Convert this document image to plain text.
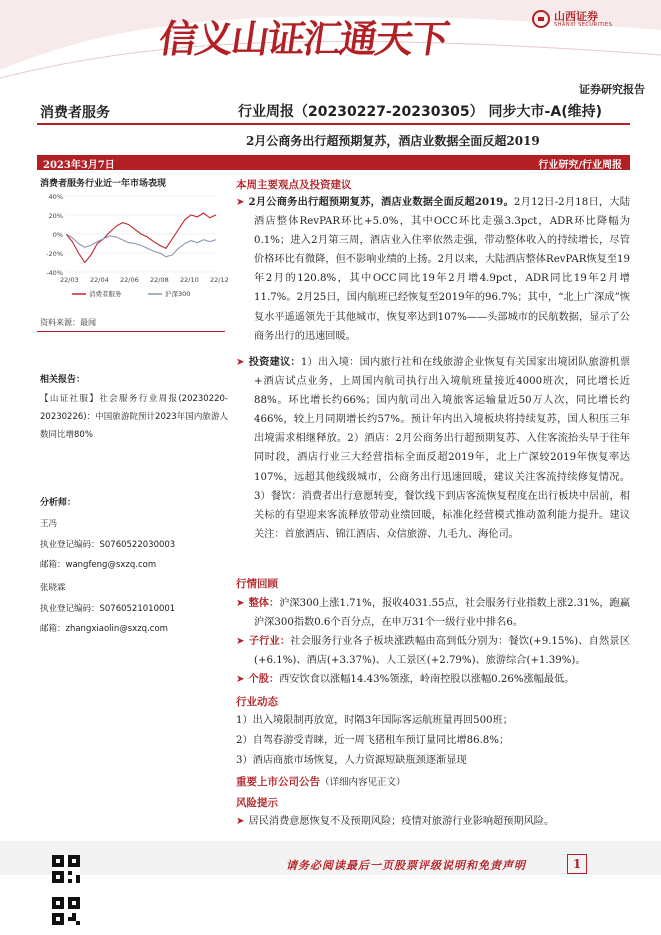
信义山证汇通天下
山西证券
SHANXI SECURITIES
证券研究报告
消费者服务	行业周报（20230227-20230305） 同步大市-A(维持)
2月公商务出行超预期复苏，酒店业数据全面反超2019
2023年3月7日	行业研究/行业周报
消费者服务行业近一年市场表现
40%
20%
0%
-20%
-40%
22/03 22/04 22/06 22/08 22/10 22/12
消费者服务	沪深300
资料来源：最闻
相关报告：
【山证社服】社会服务行业周报(20230220-20230226)：中国旅游院预计2023年国内旅游人数同比增80%
分析师：
王冯
执业登记编码：S0760522030003
邮箱：wangfeng@sxzq.com
张晓霖
执业登记编码：S0760521010001
邮箱：zhangxiaolin@sxzq.com
本周主要观点及投资建议
➤ 2月公商务出行超预期复苏，酒店业数据全面反超2019。2月12日-2月18日，大陆酒店整体RevPAR环比+5.0%，其中OCC环比走强3.3pct，ADR环比降幅为0.1%；进入2月第三周，酒店业入住率依然走强，带动整体收入的持续增长，尽管价格环比有微降，但不影响业绩的上扬。2月以来，大陆酒店整体RevPAR恢复至19年2月的120.8%，其中OCC同比19年2月增4.9pct，ADR同比19年2月增11.7%。2月25日，国内航班已经恢复至2019年的96.7%；其中，“北上广深成”恢复水平遥遥领先于其他城市，恢复率达到107%——头部城市的民航数据，显示了公商务出行的迅速回暖。
➤ 投资建议：1）出入境：国内旅行社和在线旅游企业恢复有关国家出境团队旅游机票+酒店试点业务，上周国内航司执行出入境航班量接近4000班次，同比增长近88%。环比增长约66%；国内航司出入境旅客运输量近50万人次，同比增长约466%，较上月同期增长约57%。预计年内出入境板块将持续复苏，国人积压三年出境需求相继释放。2）酒店：2月公商务出行超预期复苏、入住客流抬头早于往年同时段，酒店行业三大经营指标全面反超2019年，北上广深较2019年恢复率达107%，远超其他线级城市，公商务出行迅速回暖，建议关注客流持续修复情况。3）餐饮：消费者出行意愿转变，餐饮线下到店客流恢复程度在出行板块中居前，相关标的有望迎来客流释放带动业绩回暖，标准化经营模式推动盈利能力提升。建议关注：首旅酒店、锦江酒店、众信旅游、九毛九、海伦司。
行情回顾
➤ 整体：沪深300上涨1.71%，报收4031.55点，社会服务行业指数上涨2.31%，跑赢沪深300指数0.6个百分点，在申万31个一级行业中排名6。
➤ 子行业：社会服务行业各子板块涨跌幅由高到低分别为：餐饮(+9.15%)、自然景区(+6.1%)、酒店(+3.37%)、人工景区(+2.79%)、旅游综合(+1.39%)。
➤ 个股：西安饮食以涨幅14.43%领涨，岭南控股以涨幅0.26%涨幅最低。
行业动态
1）出入境限制再放宽，时隔3年国际客运航班量再回500班；
2）自驾春游受青睐，近一周飞猪租车预订量同比增86.8%；
3）酒店商旅市场恢复，人力资源短缺瓶颈逐渐显现
重要上市公司公告（详细内容见正文）
风险提示
➤ 居民消费意愿恢复不及预期风险；疫情对旅游行业影响超预期风险。
请务必阅读最后一页股票评级说明和免责声明	1
